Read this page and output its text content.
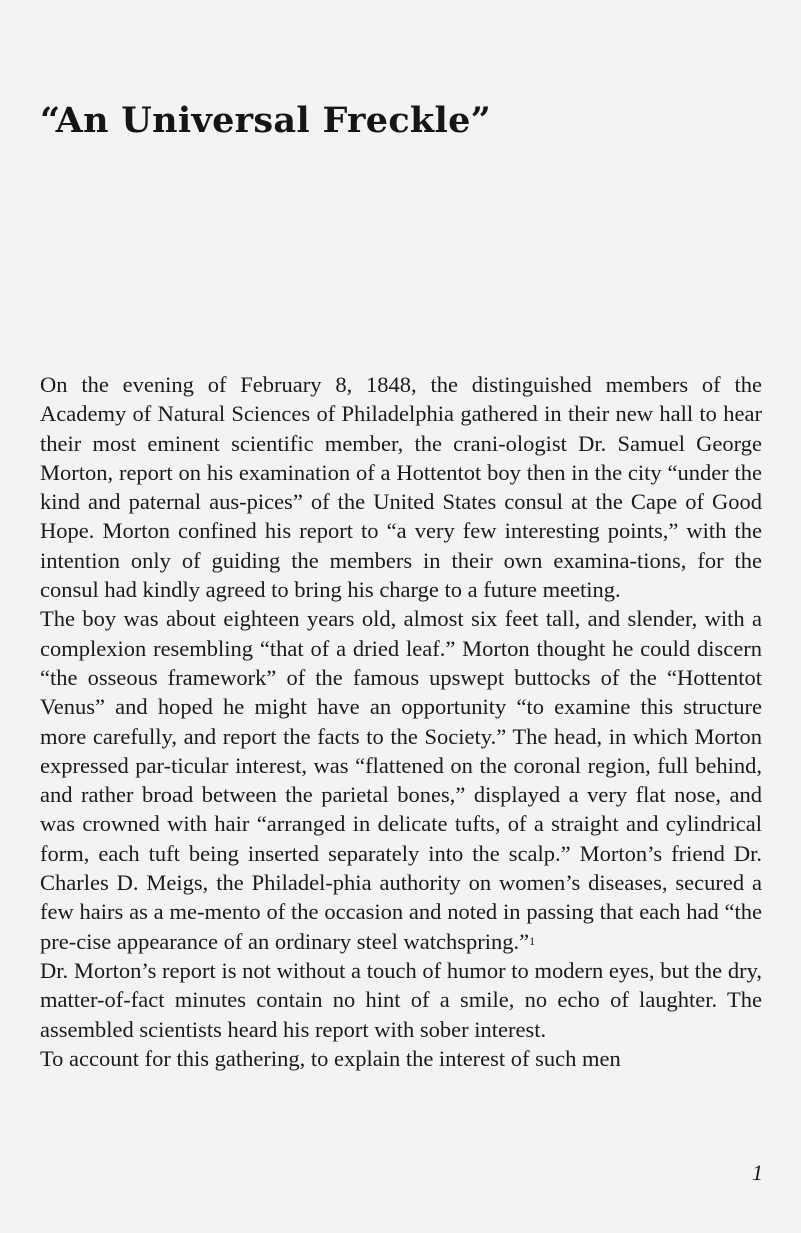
“An Universal Freckle”

On the evening of February 8, 1848, the distinguished members of the Academy of Natural Sciences of Philadelphia gathered in their new hall to hear their most eminent scientific member, the crani-ologist Dr. Samuel George Morton, report on his examination of a Hottentot boy then in the city “under the kind and paternal aus-pices” of the United States consul at the Cape of Good Hope. Morton confined his report to “a very few interesting points,” with the intention only of guiding the members in their own examina-tions, for the consul had kindly agreed to bring his charge to a future meeting.

The boy was about eighteen years old, almost six feet tall, and slender, with a complexion resembling “that of a dried leaf.” Morton thought he could discern “the osseous framework” of the famous upswept buttocks of the “Hottentot Venus” and hoped he might have an opportunity “to examine this structure more carefully, and report the facts to the Society.” The head, in which Morton expressed par-ticular interest, was “flattened on the coronal region, full behind, and rather broad between the parietal bones,” displayed a very flat nose, and was crowned with hair “arranged in delicate tufts, of a straight and cylindrical form, each tuft being inserted separately into the scalp.” Morton’s friend Dr. Charles D. Meigs, the Philadel-phia authority on women’s diseases, secured a few hairs as a me-mento of the occasion and noted in passing that each had “the pre-cise appearance of an ordinary steel watchspring.”$^1$

Dr. Morton’s report is not without a touch of humor to modern eyes, but the dry, matter-of-fact minutes contain no hint of a smile, no echo of laughter. The assembled scientists heard his report with sober interest.

To account for this gathering, to explain the interest of such men

1
